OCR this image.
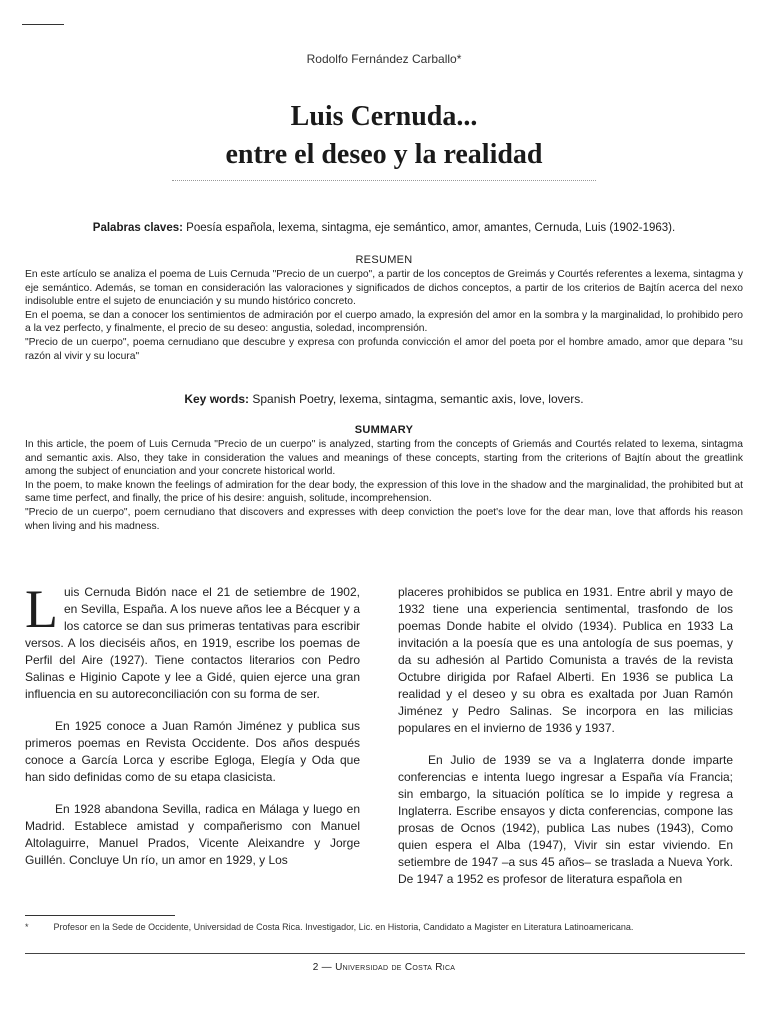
Rodolfo Fernández Carballo*
Luis Cernuda...
entre el deseo y la realidad
Palabras claves: Poesía española, lexema, sintagma, eje semántico, amor, amantes, Cernuda, Luis (1902-1963).
RESUMEN

En este artículo se analiza el poema de Luis Cernuda "Precio de un cuerpo", a partir de los conceptos de Greimás y Courtés referentes a lexema, sintagma y eje semántico. Además, se toman en consideración las valoraciones y significados de dichos conceptos, a partir de los criterios de Bajtín acerca del nexo indisoluble entre el sujeto de enunciación y su mundo histórico concreto.

En el poema, se dan a conocer los sentimientos de admiración por el cuerpo amado, la expresión del amor en la sombra y la marginalidad, lo prohibido pero a la vez perfecto, y finalmente, el precio de su deseo: angustia, soledad, incomprensión.

"Precio de un cuerpo", poema cernudiano que descubre y expresa con profunda convicción el amor del poeta por el hombre amado, amor que depara "su razón al vivir y su locura"

Key words: Spanish Poetry, lexema, sintagma, semantic axis, love, lovers.
SUMMARY

In this article, the poem of Luis Cernuda "Precio de un cuerpo" is analyzed, starting from the concepts of Griemás and Courtés related to lexema, sintagma and semantic axis. Also, they take in consideration the values and meanings of these concepts, starting from the criterions of Bajtín about the greatlink among the subject of enunciation and your concrete historical world.

In the poem, to make known the feelings of admiration for the dear body, the expression of this love in the shadow and the marginalidad, the prohibited but at same time perfect, and finally, the price of his desire: anguish, solitude, incomprehension.

"Precio de un cuerpo", poem cernudiano that discovers and expresses with deep conviction the poet's love for the dear man, love that affords his reason when living and his madness.

Luis Cernuda Bidón nace el 21 de setiembre de 1902, en Sevilla, España. A los nueve años lee a Bécquer y a los catorce se dan sus primeras tentativas para escribir versos. A los dieciséis años, en 1919, escribe los poemas de Perfil del Aire (1927). Tiene contactos literarios con Pedro Salinas e Higinio Capote y lee a Gidé, quien ejerce una gran influencia en su autoreconciliación con su forma de ser.

En 1925 conoce a Juan Ramón Jiménez y publica sus primeros poemas en Revista Occidente. Dos años después conoce a García Lorca y escribe Egloga, Elegía y Oda que han sido definidas como de su etapa clasicista.

En 1928 abandona Sevilla, radica en Málaga y luego en Madrid. Establece amistad y compañerismo con Manuel Altolaguirre, Manuel Prados, Vicente Aleixandre y Jorge Guillén. Concluye Un río, un amor en 1929, y Los

placeres prohibidos se publica en 1931. Entre abril y mayo de 1932 tiene una experiencia sentimental, trasfondo de los poemas Donde habite el olvido (1934). Publica en 1933 La invitación a la poesía que es una antología de sus poemas, y da su adhesión al Partido Comunista a través de la revista Octubre dirigida por Rafael Alberti. En 1936 se publica La realidad y el deseo y su obra es exaltada por Juan Ramón Jiménez y Pedro Salinas. Se incorpora en las milicias populares en el invierno de 1936 y 1937.

En Julio de 1939 se va a Inglaterra donde imparte conferencias e intenta luego ingresar a España vía Francia; sin embargo, la situación política se lo impide y regresa a Inglaterra. Escribe ensayos y dicta conferencias, compone las prosas de Ocnos (1942), publica Las nubes (1943), Como quien espera el Alba (1947), Vivir sin estar viviendo. En setiembre de 1947 –a sus 45 años– se traslada a Nueva York. De 1947 a 1952 es profesor de literatura española en

*	Profesor en la Sede de Occidente, Universidad de Costa Rica. Investigador, Lic. en Historia, Candidato a Magister en Literatura Latinoamericana.
2 — Universidad de Costa Rica
